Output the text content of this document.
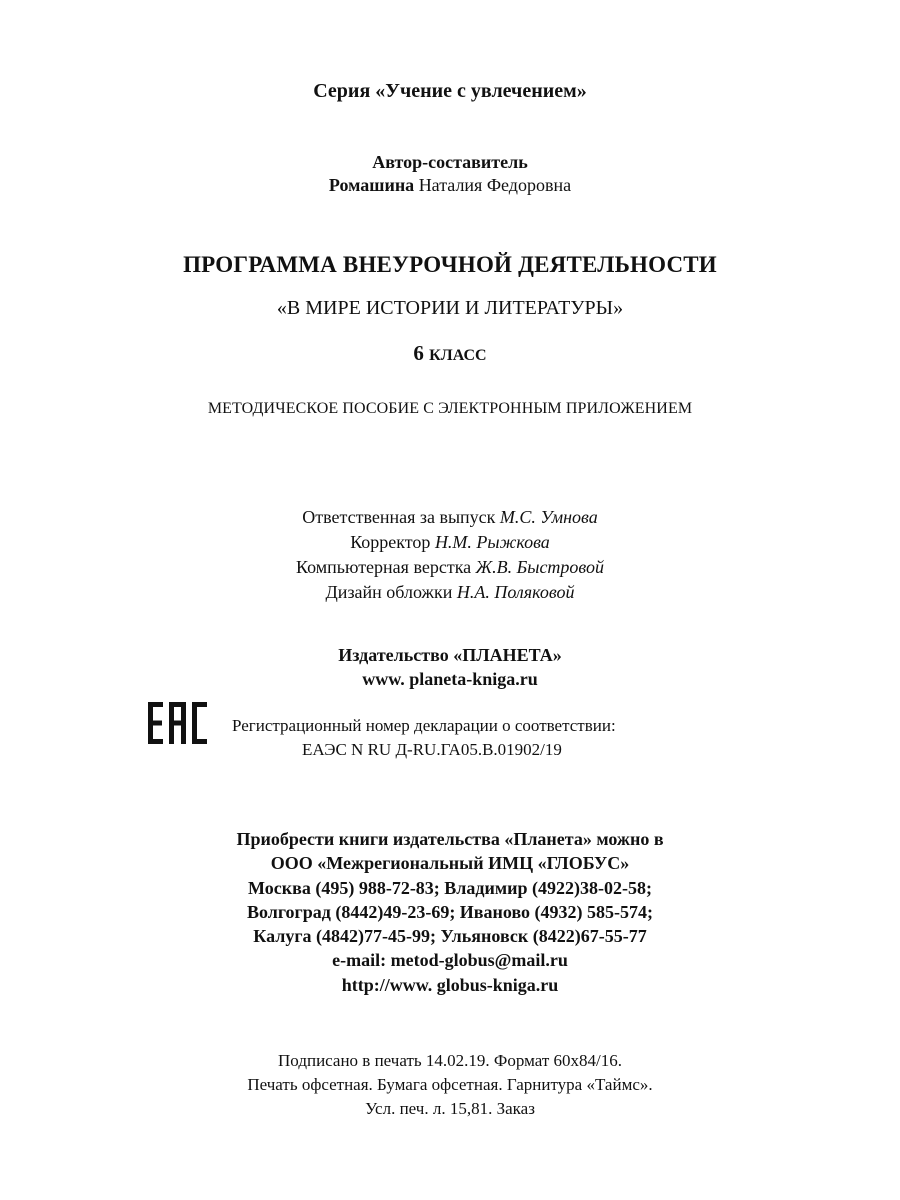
Серия «Учение с увлечением»
Автор-составитель
Ромашина Наталия Федоровна
ПРОГРАММА ВНЕУРОЧНОЙ ДЕЯТЕЛЬНОСТИ
«В МИРЕ ИСТОРИИ И ЛИТЕРАТУРЫ»
6 КЛАСС
МЕТОДИЧЕСКОЕ ПОСОБИЕ С ЭЛЕКТРОННЫМ ПРИЛОЖЕНИЕМ
Ответственная за выпуск М.С. Умнова
Корректор Н.М. Рыжкова
Компьютерная верстка Ж.В. Быстровой
Дизайн обложки Н.А. Поляковой
Издательство «ПЛАНЕТА»
www. planeta-kniga.ru
Регистрационный номер декларации о соответствии:
ЕАЭС N RU Д-RU.ГА05.В.01902/19
Приобрести книги издательства «Планета» можно в
ООО «Межрегиональный ИМЦ «ГЛОБУС»
Москва (495) 988-72-83; Владимир (4922)38-02-58;
Волгоград (8442)49-23-69; Иваново (4932) 585-574;
Калуга (4842)77-45-99; Ульяновск (8422)67-55-77
e-mail: metod-globus@mail.ru
http://www. globus-kniga.ru
Подписано в печать 14.02.19. Формат 60х84/16.
Печать офсетная. Бумага офсетная. Гарнитура «Таймс».
Усл. печ. л. 15,81. Заказ
